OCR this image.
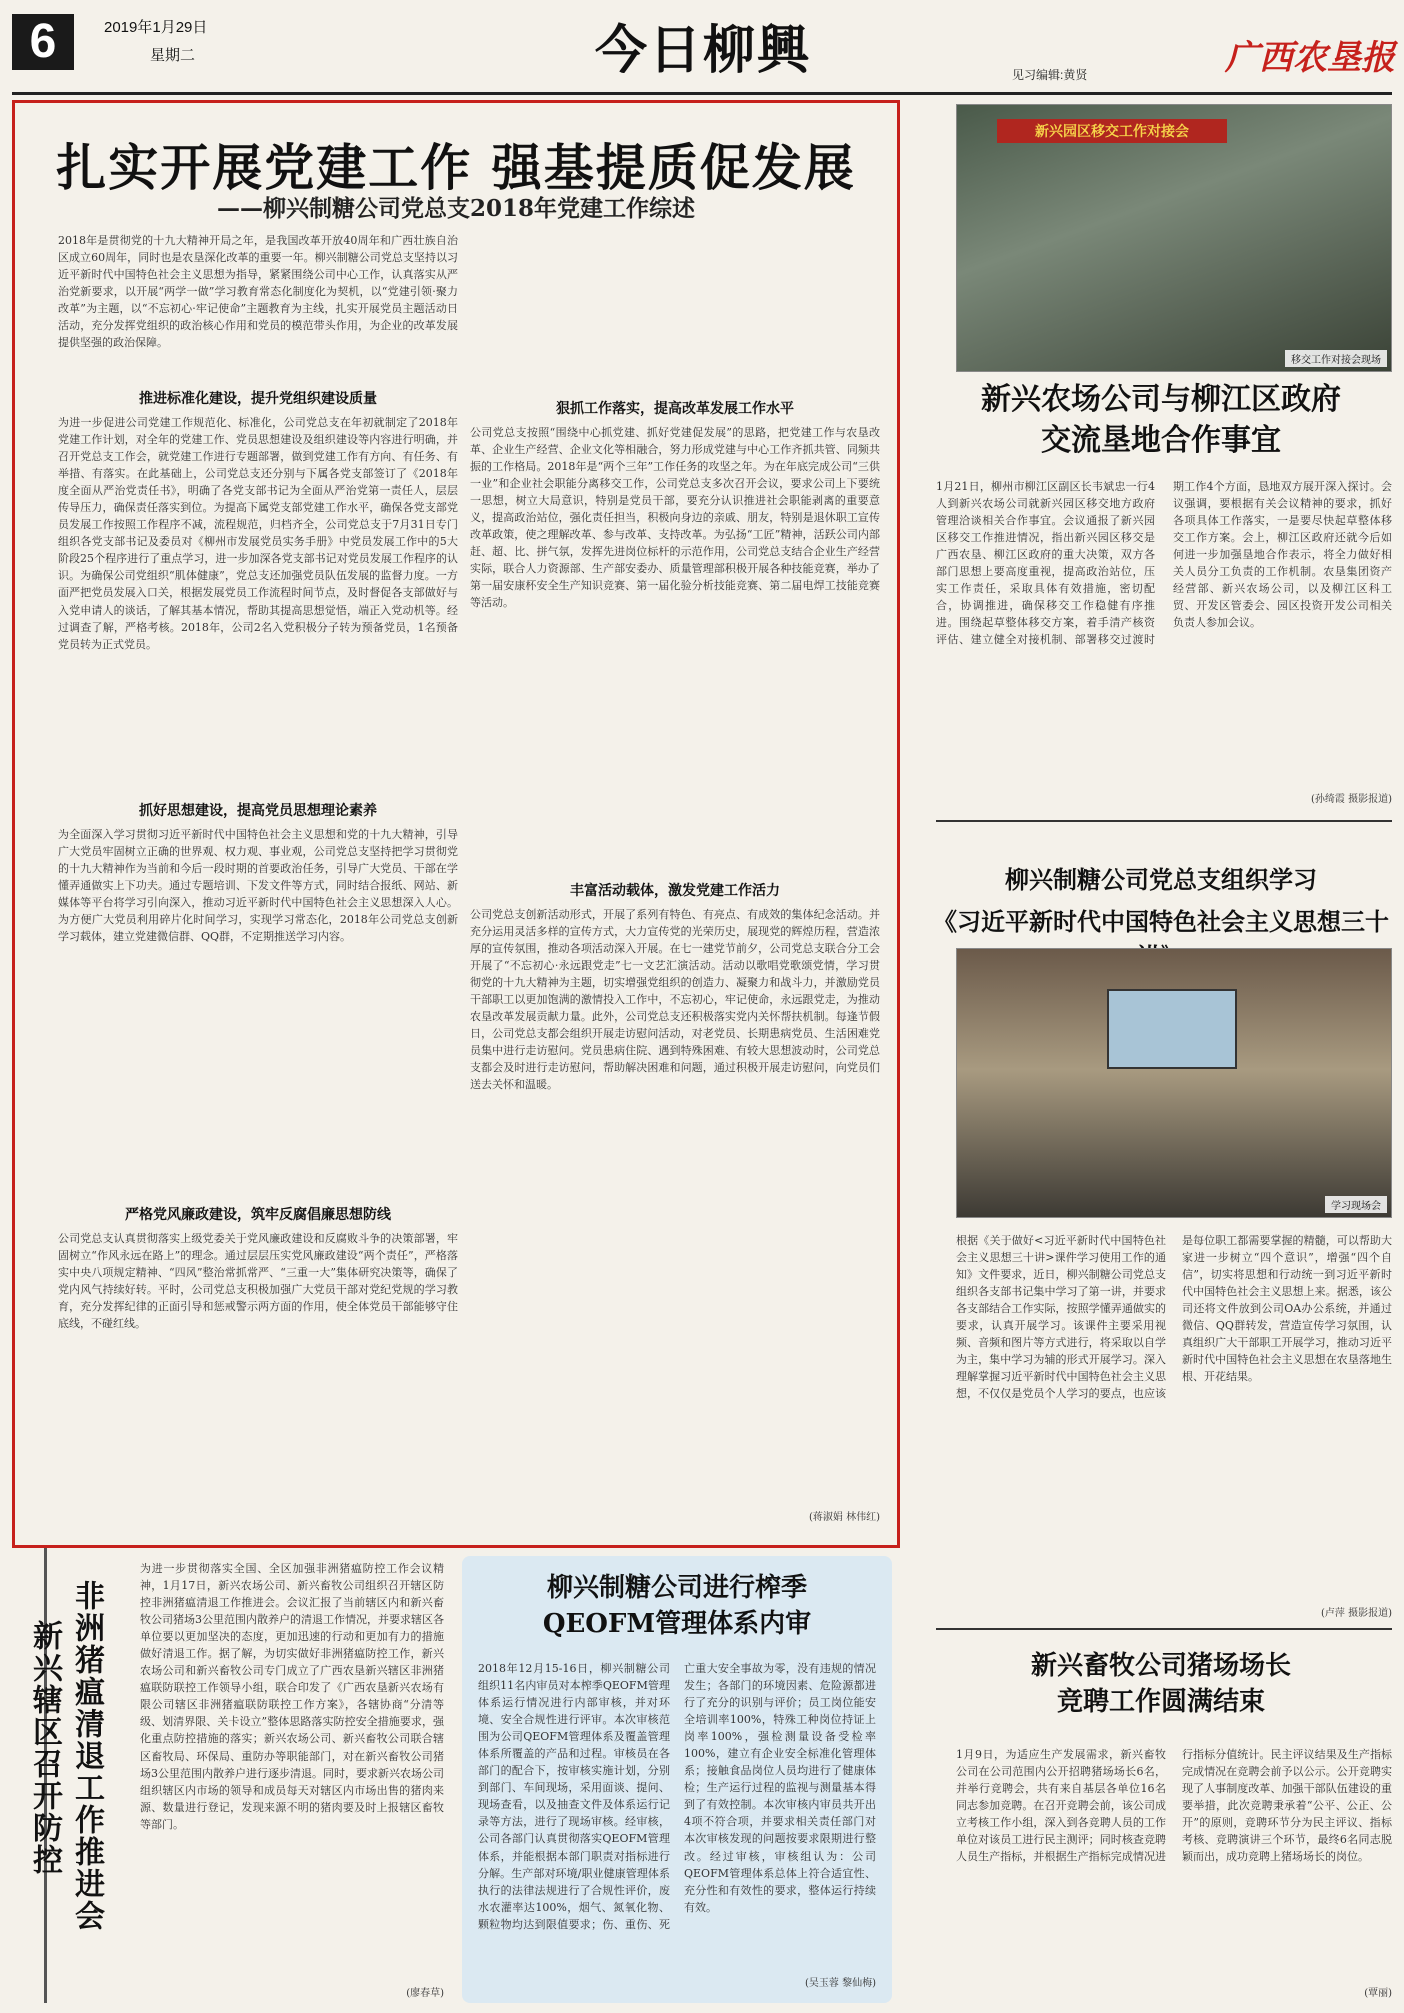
6	2019年1月29日
星期二	今日柳興	见习编辑:黄贤	广西农垦报
扎实开展党建工作 强基提质促发展
——柳兴制糖公司党总支2018年党建工作综述
2018年是贯彻党的十九大精神开局之年，是我国改革开放40周年和广西壮族自治区成立60周年，同时也是农垦深化改革的重要一年。柳兴制糖公司党总支坚持以习近平新时代中国特色社会主义思想为指导，紧紧围绕公司中心工作，认真落实从严治党新要求，以开展“两学一做”学习教育常态化制度化为契机，以“党建引领·聚力改革”为主题，以“不忘初心·牢记使命”主题教育为主线，扎实开展党员主题活动日活动，充分发挥党组织的政治核心作用和党员的模范带头作用，为企业的改革发展提供坚强的政治保障。
推进标准化建设，提升党组织建设质量
为进一步促进公司党建工作规范化、标准化，公司党总支在年初就制定了2018年党建工作计划，对全年的党建工作、党员思想建设及组织建设等内容进行明确，并召开党总支工作会，就党建工作进行专题部署，做到党建工作有方向、有任务、有举措、有落实。在此基础上，公司党总支还分别与下属各党支部签订了《2018年度全面从严治党责任书》，明确了各党支部书记为全面从严治党第一责任人，层层传导压力，确保责任落实到位。为提高下属党支部党建工作水平，确保各党支部党员发展工作按照工作程序不减，流程规范，归档齐全，公司党总支于7月31日专门组织各党支部书记及委员对《柳州市发展党员实务手册》中党员发展工作中的5大阶段25个程序进行了重点学习，进一步加深各党支部书记对党员发展工作程序的认识。为确保公司党组织“肌体健康”，党总支还加强党员队伍发展的监督力度。一方面严把党员发展入口关，根据发展党员工作流程时间节点，及时督促各支部做好与入党申请人的谈话，了解其基本情况，帮助其提高思想觉悟，端正入党动机等。经过调查了解，严格考核。2018年，公司2名入党积极分子转为预备党员，1名预备党员转为正式党员。
抓好思想建设，提高党员思想理论素养
为全面深入学习贯彻习近平新时代中国特色社会主义思想和党的十九大精神，引导广大党员牢固树立正确的世界观、权力观、事业观，公司党总支坚持把学习贯彻党的十九大精神作为当前和今后一段时期的首要政治任务，引导广大党员、干部在学懂弄通做实上下功夫。通过专题培训、下发文件等方式，同时结合报纸、网站、新媒体等平台将学习引向深入，推动习近平新时代中国特色社会主义思想深入人心。为方便广大党员利用碎片化时间学习，实现学习常态化，2018年公司党总支创新学习载体，建立党建微信群、QQ群，不定期推送学习内容。
严格党风廉政建设，筑牢反腐倡廉思想防线
公司党总支认真贯彻落实上级党委关于党风廉政建设和反腐败斗争的决策部署，牢固树立“作风永远在路上”的理念。通过层层压实党风廉政建设“两个责任”，严格落实中央八项规定精神、“四风”整治常抓常严、“三重一大”集体研究决策等，确保了党内风气持续好转。平时，公司党总支积极加强广大党员干部对党纪党规的学习教育，充分发挥纪律的正面引导和惩戒警示两方面的作用，使全体党员干部能够守住底线，不碰红线。
狠抓工作落实，提高改革发展工作水平
公司党总支按照“围绕中心抓党建、抓好党建促发展”的思路，把党建工作与农垦改革、企业生产经营、企业文化等相融合，努力形成党建与中心工作齐抓共管、同频共振的工作格局。2018年是“两个三年”工作任务的攻坚之年。为在年底完成公司“三供一业”和企业社会职能分离移交工作，公司党总支多次召开会议，要求公司上下要统一思想，树立大局意识，特别是党员干部，要充分认识推进社会职能剥离的重要意义，提高政治站位，强化责任担当，积极向身边的亲戚、朋友，特别是退休职工宣传改革政策，使之理解改革、参与改革、支持改革。为弘扬“工匠”精神，活跃公司内部赶、超、比、拼气氛，发挥先进岗位标杆的示范作用，公司党总支结合企业生产经营实际，联合人力资源部、生产部安委办、质量管理部积极开展各种技能竞赛，举办了第一届安康杯安全生产知识竞赛、第一届化验分析技能竞赛、第二届电焊工技能竞赛等活动。
丰富活动载体，激发党建工作活力
公司党总支创新活动形式，开展了系列有特色、有亮点、有成效的集体纪念活动。并充分运用灵活多样的宣传方式，大力宣传党的光荣历史，展现党的辉煌历程，营造浓厚的宣传氛围，推动各项活动深入开展。在七一建党节前夕，公司党总支联合分工会开展了“不忘初心·永远跟党走”七一文艺汇演活动。活动以歌唱党歌颂党情，学习贯彻党的十九大精神为主题，切实增强党组织的创造力、凝聚力和战斗力，并激励党员干部职工以更加饱满的激情投入工作中，不忘初心，牢记使命，永远跟党走，为推动农垦改革发展贡献力量。此外，公司党总支还积极落实党内关怀帮扶机制。每逢节假日，公司党总支都会组织开展走访慰问活动，对老党员、长期患病党员、生活困难党员集中进行走访慰问。党员患病住院、遇到特殊困难、有较大思想波动时，公司党总支都会及时进行走访慰问，帮助解决困难和问题，通过积极开展走访慰问，向党员们送去关怀和温暖。
(蒋淑娟 林伟红)
新兴园区移交工作对接会
移交工作对接会现场
新兴农场公司与柳江区政府
交流垦地合作事宜
1月21日，柳州市柳江区副区长韦斌忠一行4人到新兴农场公司就新兴园区移交地方政府管理洽谈相关合作事宜。会议通报了新兴园区移交工作推进情况，指出新兴园区移交是广西农垦、柳江区政府的重大决策，双方各部门思想上要高度重视，提高政治站位，压实工作责任，采取具体有效措施，密切配合，协调推进，确保移交工作稳健有序推进。围绕起草整体移交方案，着手清产核资评估、建立健全对接机制、部署移交过渡时期工作4个方面，恳地双方展开深入探讨。会议强调，要根据有关会议精神的要求，抓好各项具体工作落实，一是要尽快起草整体移交工作方案。会上，柳江区政府还就今后如何进一步加强垦地合作表示，将全力做好相关人员分工负责的工作机制。农垦集团资产经营部、新兴农场公司，以及柳江区科工贸、开发区管委会、园区投资开发公司相关负责人参加会议。
(孙绮霞 摄影报道)
柳兴制糖公司党总支组织学习
《习近平新时代中国特色社会主义思想三十
学习现场会
根据《关于做好<习近平新时代中国特色社会主义思想三十讲>课件学习使用工作的通知》文件要求，近日，柳兴制糖公司党总支组织各支部书记集中学习了第一讲，并要求各支部结合工作实际，按照学懂弄通做实的要求，认真开展学习。该课件主要采用视频、音频和图片等方式进行，将采取以自学为主，集中学习为辅的形式开展学习。深入理解掌握习近平新时代中国特色社会主义思想，不仅仅是党员个人学习的要点，也应该是每位职工都需要掌握的精髓，可以帮助大家进一步树立“四个意识”，增强“四个自信”，切实将思想和行动统一到习近平新时代中国特色社会主义思想上来。据悉，该公司还将文件放到公司OA办公系统，并通过微信、QQ群转发，营造宣传学习氛围，认真组织广大干部职工开展学习，推动习近平新时代中国特色社会主义思想在农垦落地生根、开花结果。
(卢萍 摄影报道)
非洲猪瘟清退工作推进会
新兴辖区召开防控
为进一步贯彻落实全国、全区加强非洲猪瘟防控工作会议精神，1月17日，新兴农场公司、新兴畜牧公司组织召开辖区防控非洲猪瘟清退工作推进会。会议汇报了当前辖区内和新兴畜牧公司猪场3公里范围内散养户的清退工作情况，并要求辖区各单位要以更加坚决的态度，更加迅速的行动和更加有力的措施做好清退工作。据了解，为切实做好非洲猪瘟防控工作，新兴农场公司和新兴畜牧公司专门成立了广西农垦新兴辖区非洲猪瘟联防联控工作领导小组，联合印发了《广西农垦新兴农场有限公司辖区非洲猪瘟联防联控工作方案》，各辖协商“分清等级、划清界限、关卡设立”整体思路落实防控安全措施要求，强化重点防控措施的落实；新兴农场公司、新兴畜牧公司联合辖区畜牧局、环保局、重防办等职能部门，对在新兴畜牧公司猪场3公里范围内散养户进行逐步清退。同时，要求新兴农场公司组织辖区内市场的领导和成员每天对辖区内市场出售的猪肉来源、数量进行登记，发现来源不明的猪肉要及时上报辖区畜牧等部门。
(廖春草)
柳兴制糖公司进行榨季
QEOFM管理体系内审
2018年12月15-16日，柳兴制糖公司组织11名内审员对本榨季QEOFM管理体系运行情况进行内部审核，并对环境、安全合规性进行评审。本次审核范围为公司QEOFM管理体系及覆盖管理体系所覆盖的产品和过程。审核员在各部门的配合下，按审核实施计划，分别到部门、车间现场，采用面谈、提问、现场查看，以及抽查文件及体系运行记录等方法，进行了现场审核。经审核，公司各部门认真贯彻落实QEOFM管理体系，并能根据本部门职责对指标进行分解。生产部对环境/职业健康管理体系执行的法律法规进行了合规性评价，废水农灌率达100%，烟气、氮氧化物、颗粒物均达到限值要求；伤、重伤、死亡重大安全事故为零，没有违规的情况发生；各部门的环境因素、危险源都进行了充分的识别与评价；员工岗位能安全培训率100%，特殊工种岗位持证上岗率100%，强检测量设备受检率100%，建立有企业安全标准化管理体系；接触食品岗位人员均进行了健康体检；生产运行过程的监视与测量基本得到了有效控制。本次审核内审员共开出4项不符合项，并要求相关责任部门对本次审核发现的问题按要求限期进行整改。经过审核，审核组认为：公司QEOFM管理体系总体上符合适宜性、充分性和有效性的要求，整体运行持续有效。
(吴玉蓉 黎仙梅)
新兴畜牧公司猪场场长
竞聘工作圆满结束
1月9日，为适应生产发展需求，新兴畜牧公司在公司范围内公开招聘猪场场长6名，并举行竞聘会，共有来自基层各单位16名同志参加竞聘。在召开竞聘会前，该公司成立考核工作小组，深入到各竞聘人员的工作单位对该员工进行民主测评；同时核查竞聘人员生产指标，并根据生产指标完成情况进行指标分值统计。民主评议结果及生产指标完成情况在竞聘会前予以公示。公开竞聘实现了人事制度改革、加强干部队伍建设的重要举措，此次竞聘秉承着“公平、公正、公开”的原则，竞聘环节分为民主评议、指标考核、竞聘演讲三个环节，最终6名同志脱颖而出，成功竞聘上猪场场长的岗位。
(覃丽)
